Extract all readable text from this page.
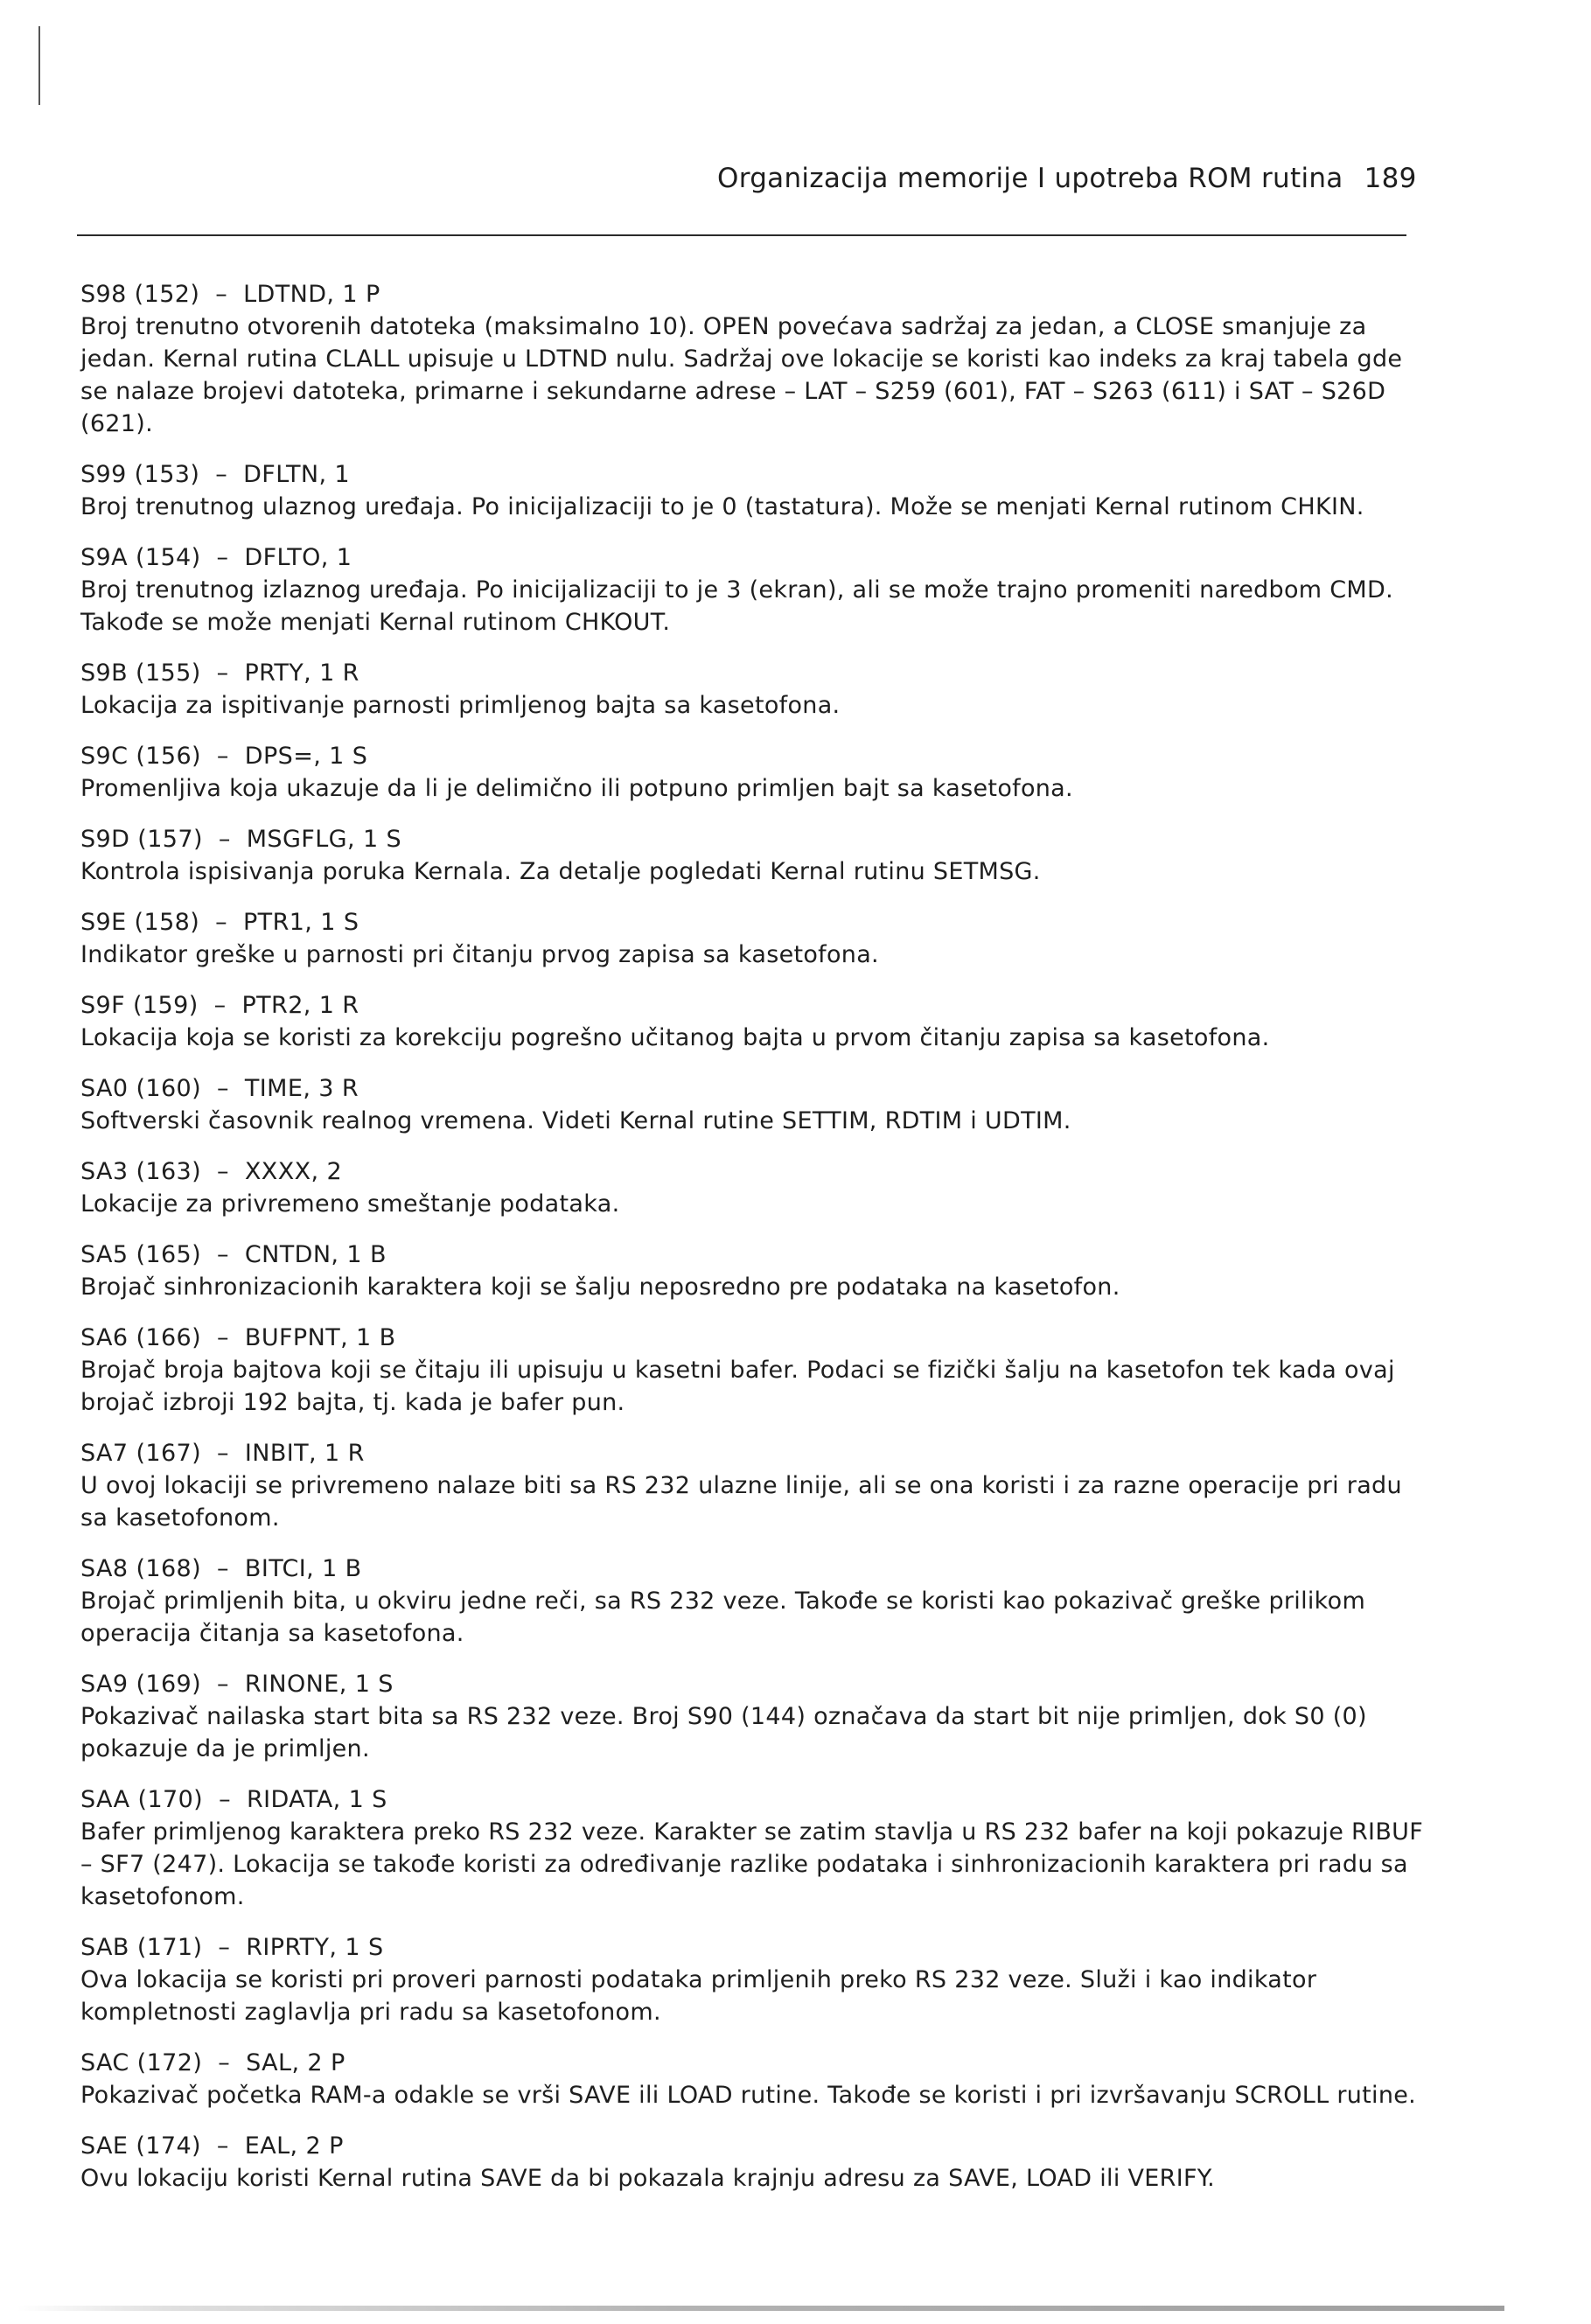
Organizacija memorije I upotreba ROM rutina 189
S98 (152)  –  LDTND, 1 P
Broj trenutno otvorenih datoteka (maksimalno 10). OPEN povećava sadržaj za jedan, a CLOSE smanjuje za jedan. Kernal rutina CLALL upisuje u LDTND nulu. Sadržaj ove lokacije se koristi kao indeks za kraj tabela gde se nalaze brojevi datoteka, primarne i sekundarne adrese – LAT – S259 (601), FAT – S263 (611) i SAT – S26D (621).
S99 (153)  –  DFLTN, 1
Broj trenutnog ulaznog uređaja. Po inicijalizaciji to je 0 (tastatura). Može se menjati Kernal rutinom CHKIN.
S9A (154)  –  DFLTO, 1
Broj trenutnog izlaznog uređaja. Po inicijalizaciji to je 3 (ekran), ali se može trajno promeniti naredbom CMD. Takođe se može menjati Kernal rutinom CHKOUT.
S9B (155)  –  PRTY, 1 R
Lokacija za ispitivanje parnosti primljenog bajta sa kasetofona.
S9C (156)  –  DPS=, 1 S
Promenljiva koja ukazuje da li je delimično ili potpuno primljen bajt sa kasetofona.
S9D (157)  –  MSGFLG, 1 S
Kontrola ispisivanja poruka Kernala. Za detalje pogledati Kernal rutinu SETMSG.
S9E (158)  –  PTR1, 1 S
Indikator greške u parnosti pri čitanju prvog zapisa sa kasetofona.
S9F (159)  –  PTR2, 1 R
Lokacija koja se koristi za korekciju pogrešno učitanog bajta u prvom čitanju zapisa sa kasetofona.
SA0 (160)  –  TIME, 3 R
Softverski časovnik realnog vremena. Videti Kernal rutine SETTIM, RDTIM i UDTIM.
SA3 (163)  –  XXXX, 2
Lokacije za privremeno smeštanje podataka.
SA5 (165)  –  CNTDN, 1 B
Brojač sinhronizacionih karaktera koji se šalju neposredno pre podataka na kasetofon.
SA6 (166)  –  BUFPNT, 1 B
Brojač broja bajtova koji se čitaju ili upisuju u kasetni bafer. Podaci se fizički šalju na kasetofon tek kada ovaj brojač izbroji 192 bajta, tj. kada je bafer pun.
SA7 (167)  –  INBIT, 1 R
U ovoj lokaciji se privremeno nalaze biti sa RS 232 ulazne linije, ali se ona koristi i za razne operacije pri radu sa kasetofonom.
SA8 (168)  –  BITCI, 1 B
Brojač primljenih bita, u okviru jedne reči, sa RS 232 veze. Takođe se koristi kao pokazivač greške prilikom operacija čitanja sa kasetofona.
SA9 (169)  –  RINONE, 1 S
Pokazivač nailaska start bita sa RS 232 veze. Broj S90 (144) označava da start bit nije primljen, dok S0 (0) pokazuje da je primljen.
SAA (170)  –  RIDATA, 1 S
Bafer primljenog karaktera preko RS 232 veze. Karakter se zatim stavlja u RS 232 bafer na koji pokazuje RIBUF – SF7 (247). Lokacija se takođe koristi za određivanje razlike podataka i sinhronizacionih karaktera pri radu sa kasetofonom.
SAB (171)  –  RIPRTY, 1 S
Ova lokacija se koristi pri proveri parnosti podataka primljenih preko RS 232 veze. Služi i kao indikator kompletnosti zaglavlja pri radu sa kasetofonom.
SAC (172)  –  SAL, 2 P
Pokazivač početka RAM-a odakle se vrši SAVE ili LOAD rutine. Takođe se koristi i pri izvršavanju SCROLL rutine.
SAE (174)  –  EAL, 2 P
Ovu lokaciju koristi Kernal rutina SAVE da bi pokazala krajnju adresu za SAVE, LOAD ili VERIFY.
